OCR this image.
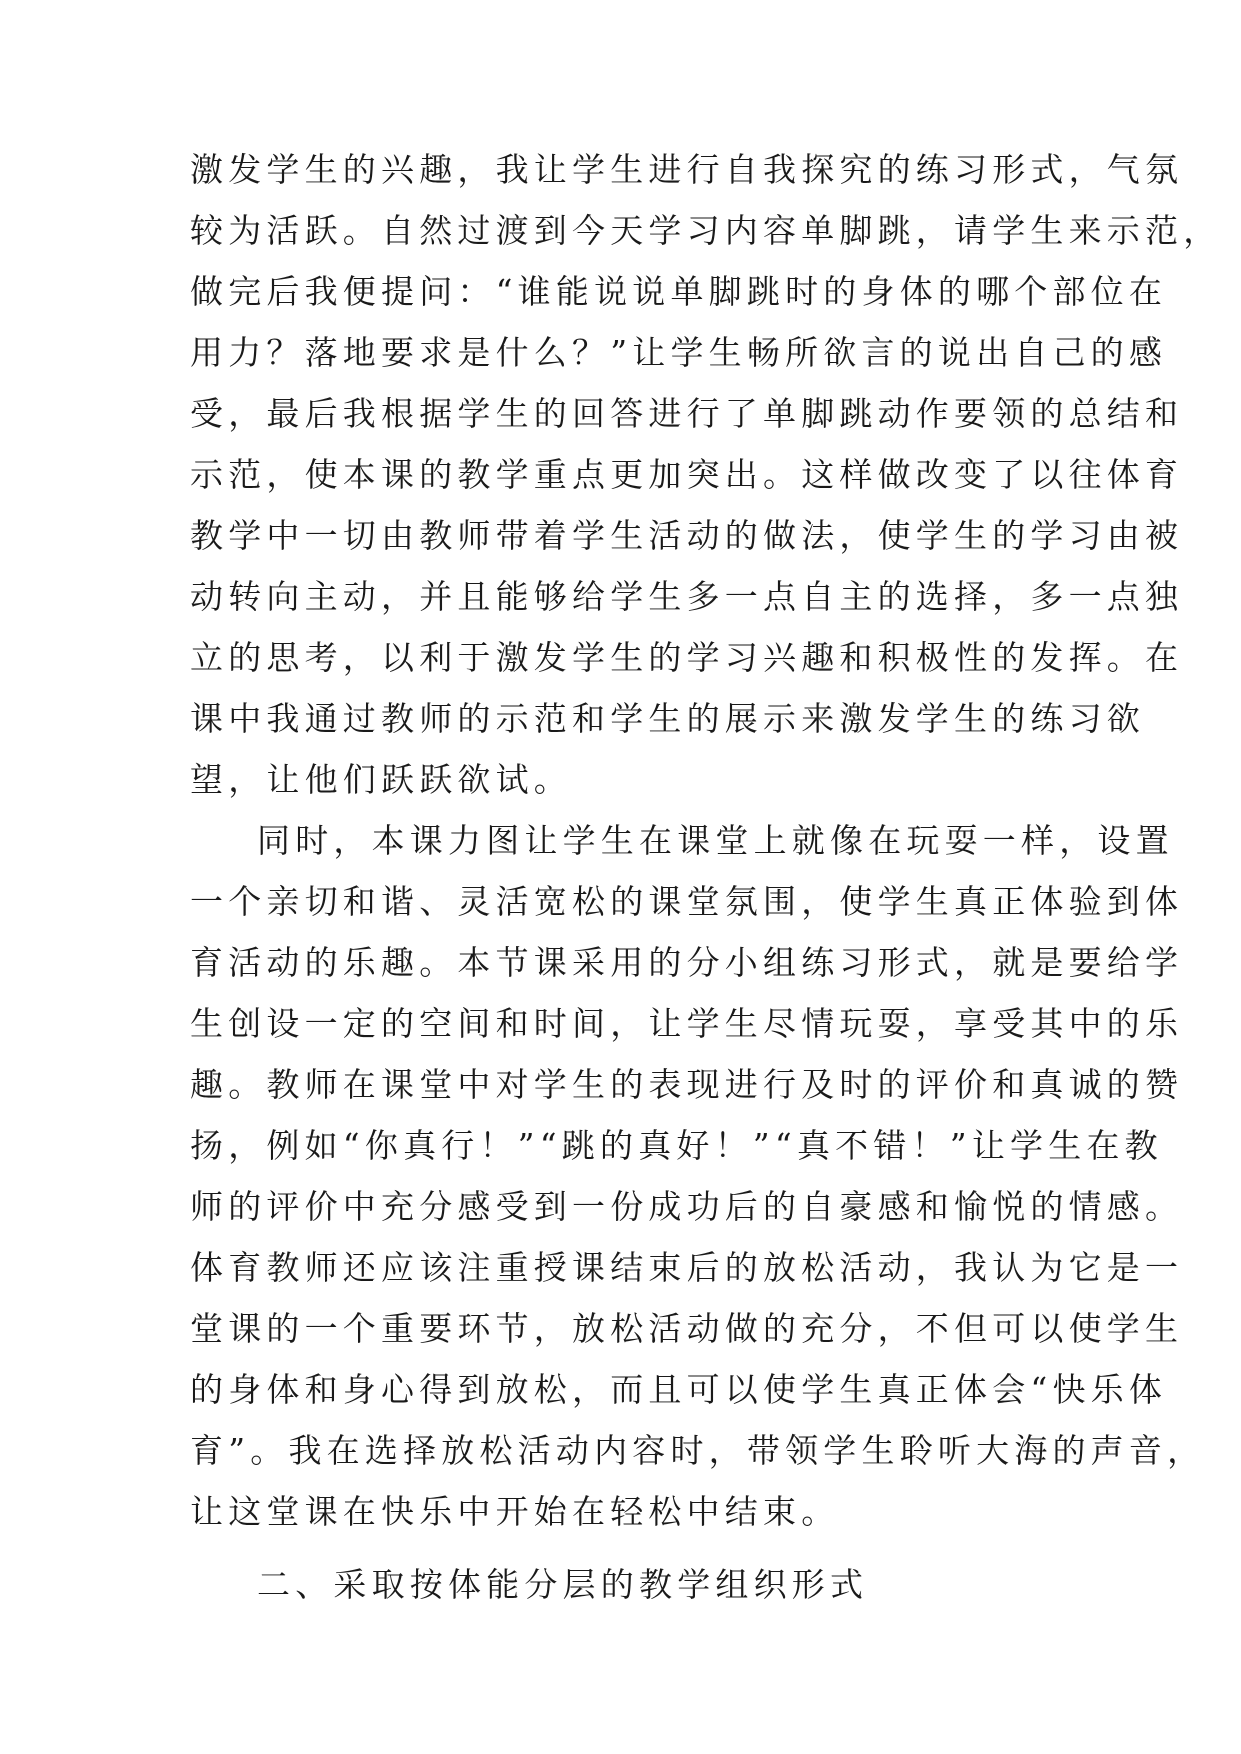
激发学生的兴趣，我让学生进行自我探究的练习形式，气氛
较为活跃。自然过渡到今天学习内容单脚跳，请学生来示范，
做完后我便提问：“谁能说说单脚跳时的身体的哪个部位在
用力？落地要求是什么？”让学生畅所欲言的说出自己的感
受，最后我根据学生的回答进行了单脚跳动作要领的总结和
示范，使本课的教学重点更加突出。这样做改变了以往体育
教学中一切由教师带着学生活动的做法，使学生的学习由被
动转向主动，并且能够给学生多一点自主的选择，多一点独
立的思考，以利于激发学生的学习兴趣和积极性的发挥。在
课中我通过教师的示范和学生的展示来激发学生的练习欲
望，让他们跃跃欲试。
同时，本课力图让学生在课堂上就像在玩耍一样，设置
一个亲切和谐、灵活宽松的课堂氛围，使学生真正体验到体
育活动的乐趣。本节课采用的分小组练习形式，就是要给学
生创设一定的空间和时间，让学生尽情玩耍，享受其中的乐
趣。教师在课堂中对学生的表现进行及时的评价和真诚的赞
扬，例如“你真行！”“跳的真好！”“真不错！”让学生在教
师的评价中充分感受到一份成功后的自豪感和愉悦的情感。
体育教师还应该注重授课结束后的放松活动，我认为它是一
堂课的一个重要环节，放松活动做的充分，不但可以使学生
的身体和身心得到放松，而且可以使学生真正体会“快乐体
育”。我在选择放松活动内容时，带领学生聆听大海的声音，
让这堂课在快乐中开始在轻松中结束。
二、采取按体能分层的教学组织形式
